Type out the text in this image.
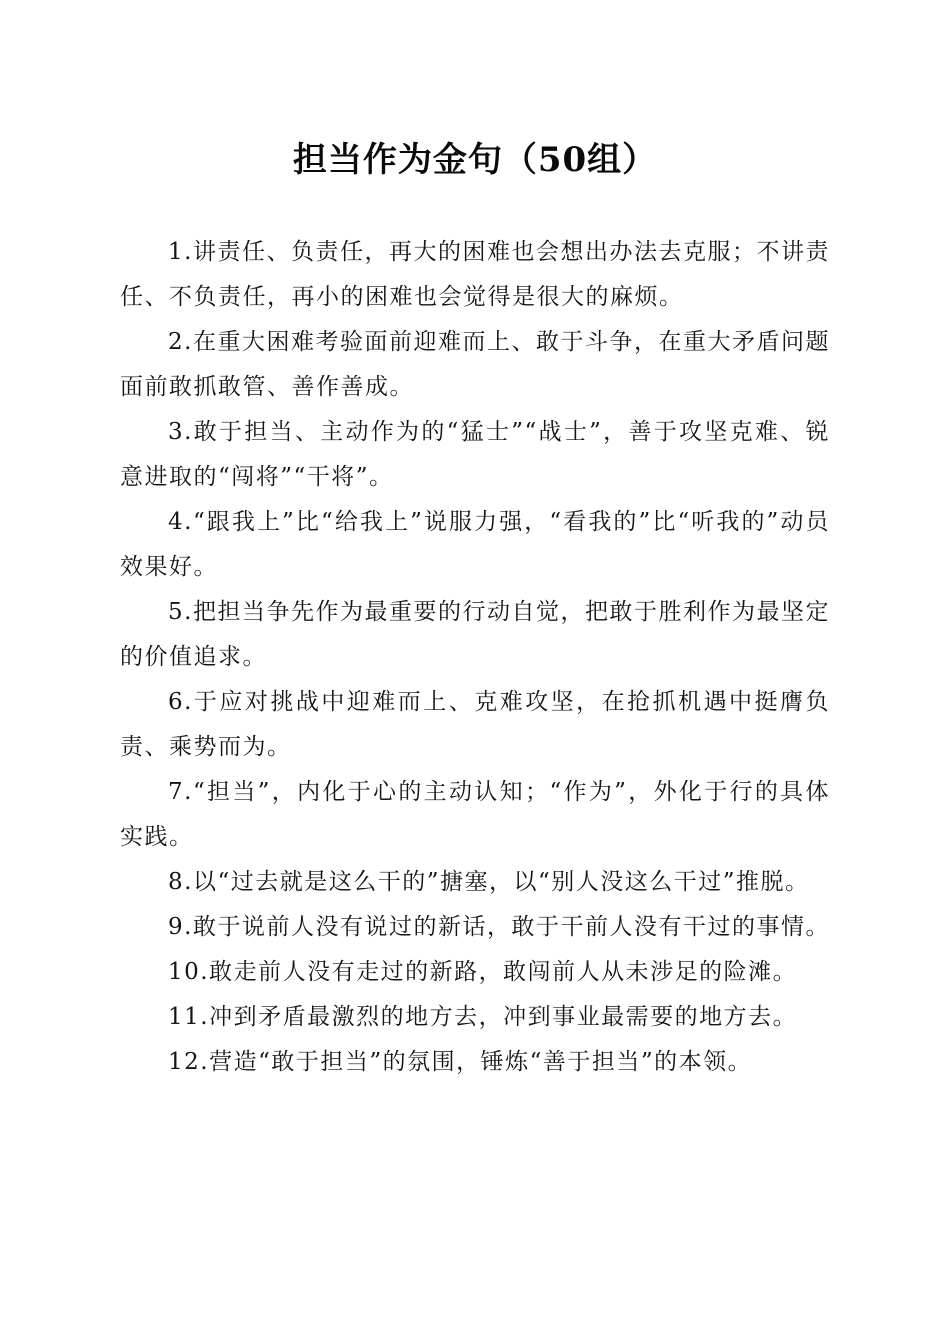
担当作为金句（50组）

1.讲责任、负责任，再大的困难也会想出办法去克服；不讲责任、不负责任，再小的困难也会觉得是很大的麻烦。

2.在重大困难考验面前迎难而上、敢于斗争，在重大矛盾问题面前敢抓敢管、善作善成。

3.敢于担当、主动作为的“猛士”“战士”，善于攻坚克难、锐意进取的“闯将”“干将”。

4.“跟我上”比“给我上”说服力强，“看我的”比“听我的”动员效果好。

5.把担当争先作为最重要的行动自觉，把敢于胜利作为最坚定的价值追求。

6.于应对挑战中迎难而上、克难攻坚，在抢抓机遇中挺膺负责、乘势而为。

7.“担当”，内化于心的主动认知；“作为”，外化于行的具体实践。

8.以“过去就是这么干的”搪塞，以“别人没这么干过”推脱。

9.敢于说前人没有说过的新话，敢于干前人没有干过的事情。

10.敢走前人没有走过的新路，敢闯前人从未涉足的险滩。

11.冲到矛盾最激烈的地方去，冲到事业最需要的地方去。

12.营造“敢于担当”的氛围，锤炼“善于担当”的本领。
